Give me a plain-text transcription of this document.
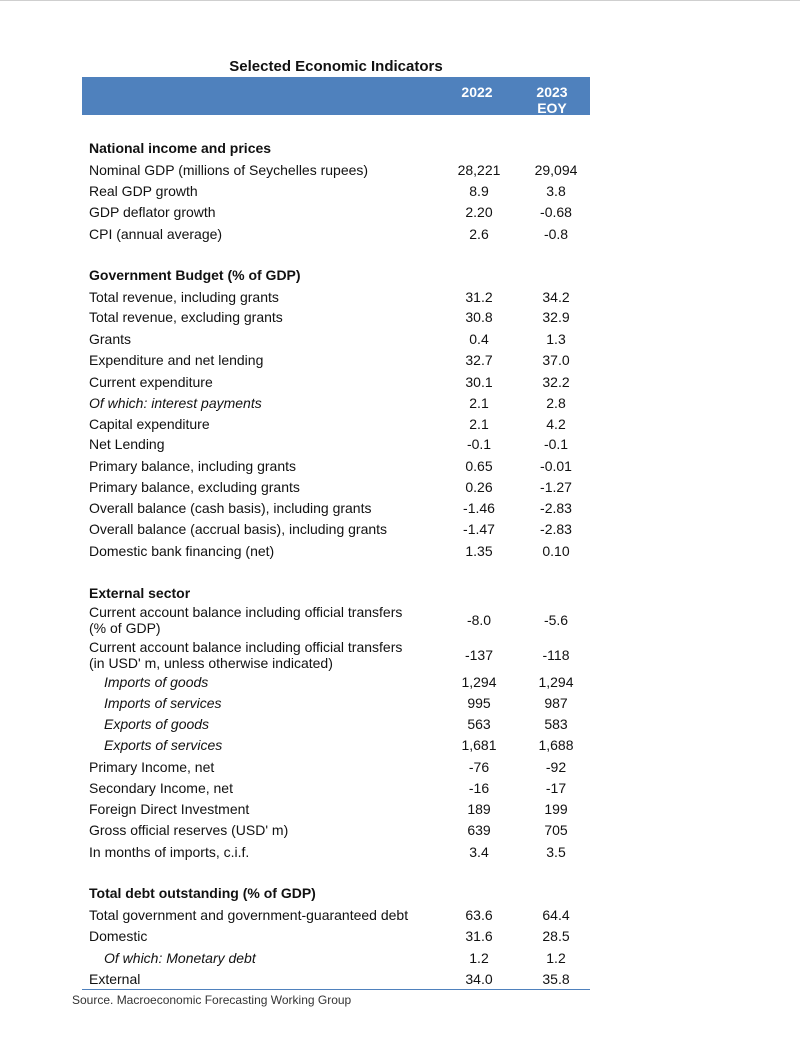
Selected Economic Indicators
2022	2023
EOY
National income and prices
Nominal GDP (millions of Seychelles rupees)	28,221	29,094
Real GDP growth	8.9	3.8
GDP deflator growth	2.20	-0.68
CPI (annual average)	2.6	-0.8
Government Budget (% of GDP)
Total revenue, including grants	31.2	34.2
Total revenue, excluding grants	30.8	32.9
Grants	0.4	1.3
Expenditure and net lending	32.7	37.0
Current expenditure	30.1	32.2
Of which: interest payments	2.1	2.8
Capital expenditure	2.1	4.2
Net Lending	-0.1	-0.1
Primary balance, including grants	0.65	-0.01
Primary balance, excluding grants	0.26	-1.27
Overall balance (cash basis), including grants	-1.46	-2.83
Overall balance (accrual basis), including grants	-1.47	-2.83
Domestic bank financing (net)	1.35	0.10
External sector
Current account balance including official transfers
(% of GDP)	-8.0	-5.6
Current account balance including official transfers
(in USD' m, unless otherwise indicated)	-137	-118
Imports of goods	1,294	1,294
Imports of services	995	987
Exports of goods	563	583
Exports of services	1,681	1,688
Primary Income, net	-76	-92
Secondary Income, net	-16	-17
Foreign Direct Investment	189	199
Gross official reserves (USD' m)	639	705
In months of imports, c.i.f.	3.4	3.5
Total debt outstanding (% of GDP)
Total government and government-guaranteed debt	63.6	64.4
Domestic	31.6	28.5
Of which: Monetary debt	1.2	1.2
External	34.0	35.8
Source. Macroeconomic Forecasting Working Group
